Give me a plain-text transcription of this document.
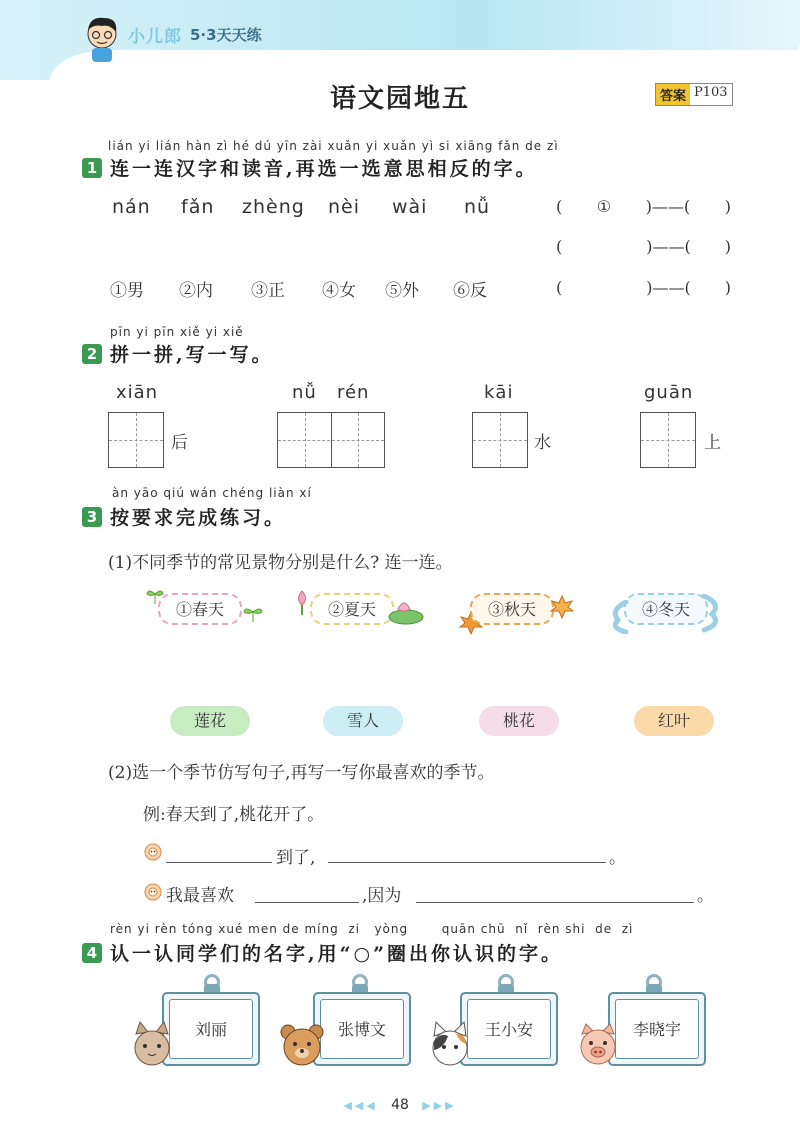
小儿郎 5·3天天练
语文园地五	答案 P103
lián yi lián hàn zì hé dú yīn zài xuǎn yi xuǎn yì si xiāng fǎn de zì
1 连一连汉字和读音,再选一选意思相反的字。
nán fǎn zhèng nèi wài nǚ
①男 ②内 ③正 ④女 ⑤外 ⑥反
( ① )——( )
(	)——( )
(	)——( )
pīn yi pīn xiě yi xiě
2 拼一拼,写一写。
xiān
后
nǚ   rén	kāi
水
guān
上
àn yāo qiú wán chéng liàn xí
3 按要求完成练习。
(1)不同季节的常见景物分别是什么? 连一连。
①春天	②夏天	③秋天	④冬天
莲花	雪人	桃花	红叶
(2)选一个季节仿写句子,再写一写你最喜欢的季节。
例:春天到了,桃花开了。
到了,	。
我最喜欢	,因为	。
rèn yi rèn tóng xué men de míng  zi   yòng       quān chū  nǐ  rèn shi  de  zì
4 认一认同学们的名字,用“○”圈出你认识的字。
刘丽	张博文	王小安	李晓宇
◀◀◀ 48 ▶▶▶
